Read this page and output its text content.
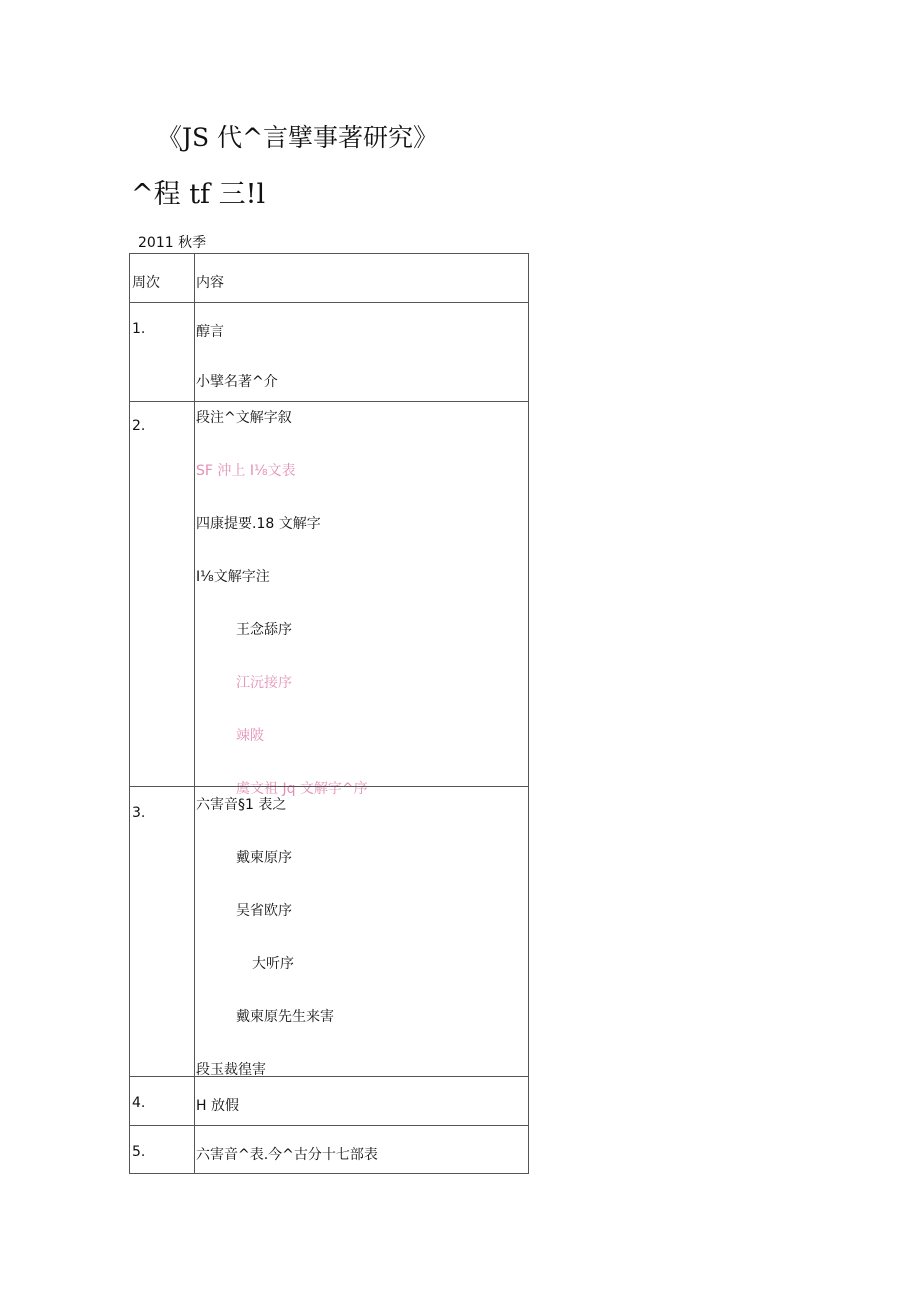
《JS 代^言擘事著研究》
^程 tf 三!l
2011 秋季
周次	内容
1.	醇言
小擘名著^介
2.	段注^文解字叙
SF 沖上 I⅛文表
四康提要.18 文解字
I⅛文解字注
王念舔序
江沅接序
竦陂
虞文祖 Jq 文解字^序
3.	六害音§1 表之
戴柬原序
吴省欧序
大听序
戴柬原先生来害
段玉裁徨害
4.	H 放假
5.	六害音^表.今^古分十七部表
